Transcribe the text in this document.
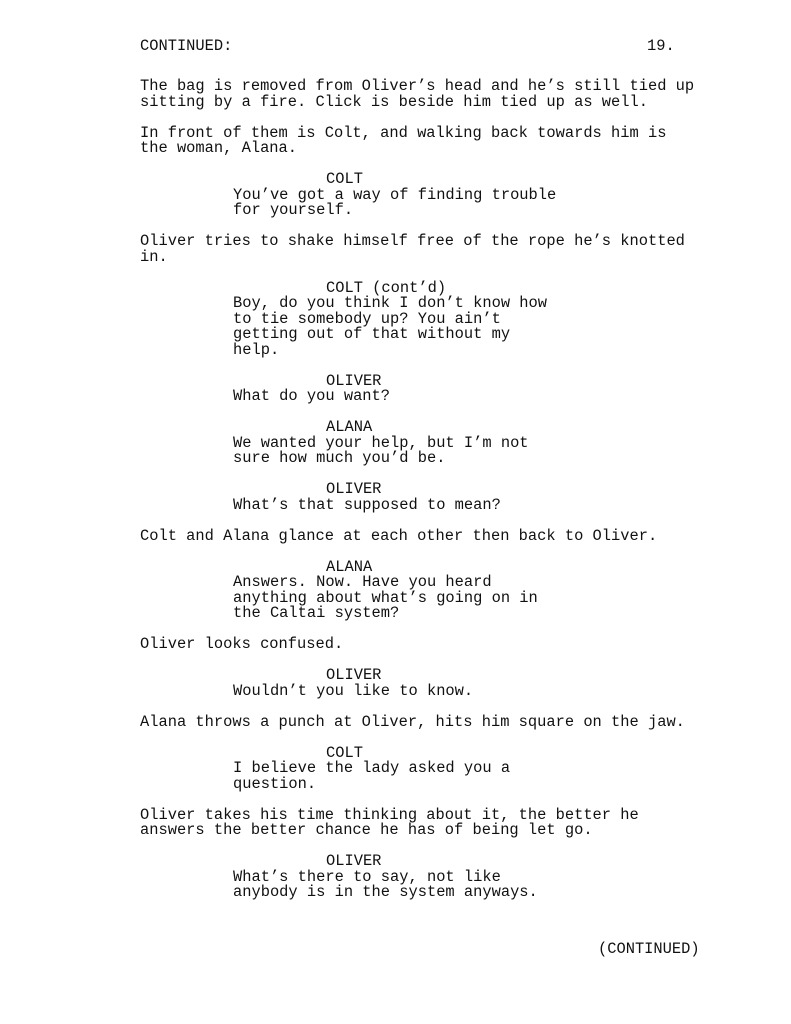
CONTINUED:	19.
The bag is removed from Oliver’s head and he’s still tied up
sitting by a fire. Click is beside him tied up as well.
In front of them is Colt, and walking back towards him is
the woman, Alana.
COLT
You’ve got a way of finding trouble
for yourself.
Oliver tries to shake himself free of the rope he’s knotted
in.
COLT (cont’d)
Boy, do you think I don’t know how
to tie somebody up? You ain’t
getting out of that without my
help.
OLIVER
What do you want?
ALANA
We wanted your help, but I’m not
sure how much you’d be.
OLIVER
What’s that supposed to mean?
Colt and Alana glance at each other then back to Oliver.
ALANA
Answers. Now. Have you heard
anything about what’s going on in
the Caltai system?
Oliver looks confused.
OLIVER
Wouldn’t you like to know.
Alana throws a punch at Oliver, hits him square on the jaw.
COLT
I believe the lady asked you a
question.
Oliver takes his time thinking about it, the better he
answers the better chance he has of being let go.
OLIVER
What’s there to say, not like
anybody is in the system anyways.
(CONTINUED)
